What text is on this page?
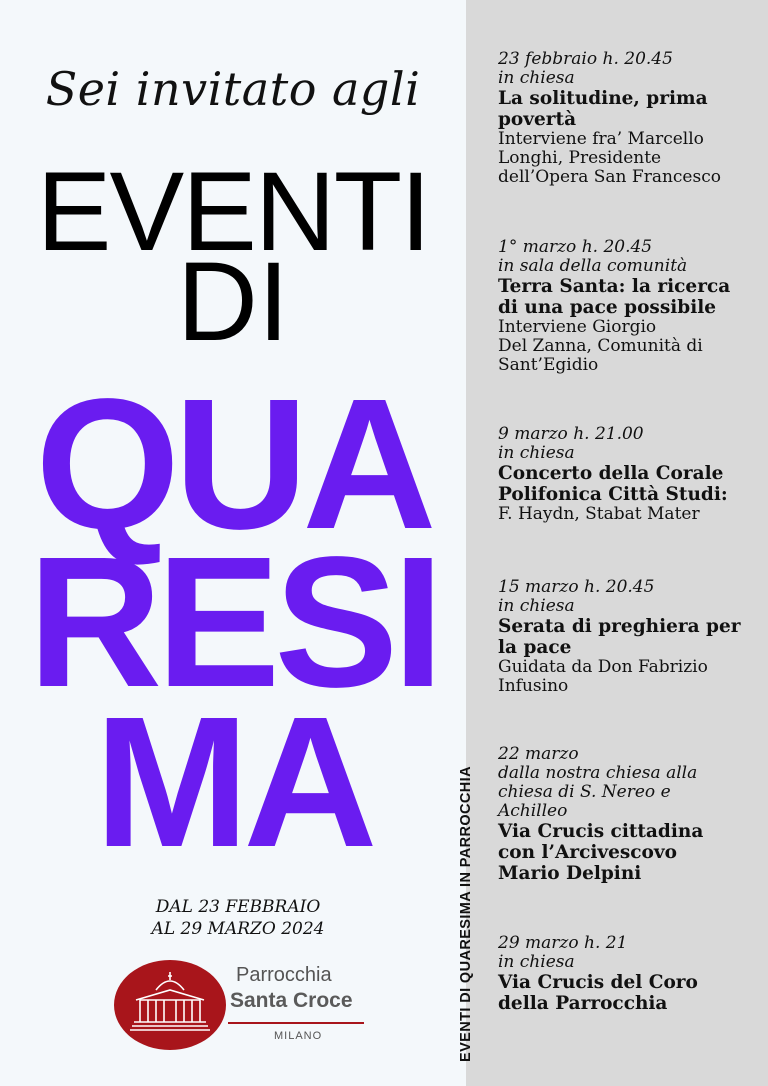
Sei invitato agli
EVENTI
DI
QUA
RESI
MA
DAL 23 FEBBRAIO
AL 29 MARZO 2024
Parrocchia
Santa Croce
MILANO	EVENTI DI QUARESIMA IN PARROCCHIA
23 febbraio h. 20.45
in chiesa
La solitudine, prima
povertà
Interviene fra’ Marcello
Longhi, Presidente
dell’Opera San Francesco
1° marzo h. 20.45
in sala della comunità
Terra Santa: la ricerca
di una pace possibile
Interviene Giorgio
Del Zanna, Comunità di
Sant’Egidio
9 marzo h. 21.00
in chiesa
Concerto della Corale
Polifonica Città Studi:
F. Haydn, Stabat Mater
15 marzo h. 20.45
in chiesa
Serata di preghiera per
la pace
Guidata da Don Fabrizio
Infusino
22 marzo
dalla nostra chiesa alla
chiesa di S. Nereo e
Achilleo
Via Crucis cittadina
con l’Arcivescovo
Mario Delpini
29 marzo h. 21
in chiesa
Via Crucis del Coro
della Parrocchia
